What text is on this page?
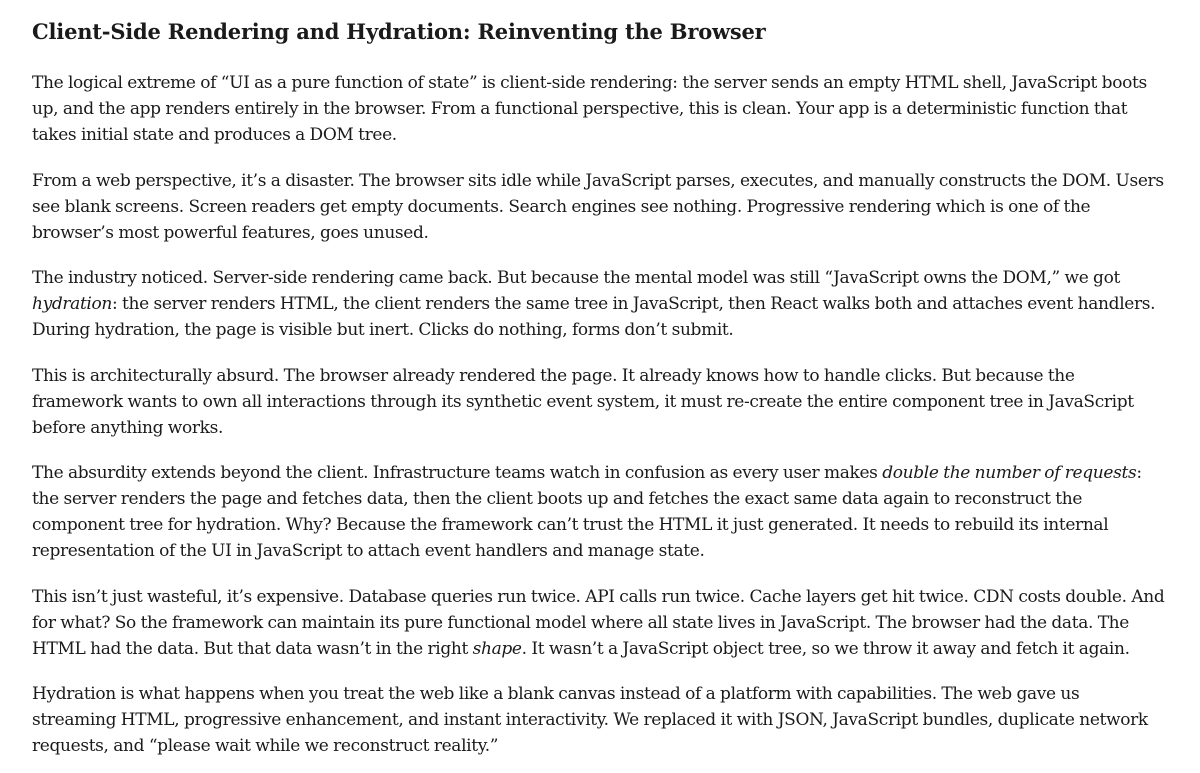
Client-Side Rendering and Hydration: Reinventing the Browser

The logical extreme of “UI as a pure function of state” is client-side rendering: the server sends an empty HTML shell, JavaScript boots up, and the app renders entirely in the browser. From a functional perspective, this is clean. Your app is a deterministic function that takes initial state and produces a DOM tree.

From a web perspective, it’s a disaster. The browser sits idle while JavaScript parses, executes, and manually constructs the DOM. Users see blank screens. Screen readers get empty documents. Search engines see nothing. Progressive rendering which is one of the browser’s most powerful features, goes unused.

The industry noticed. Server-side rendering came back. But because the mental model was still “JavaScript owns the DOM,” we got hydration: the server renders HTML, the client renders the same tree in JavaScript, then React walks both and attaches event handlers. During hydration, the page is visible but inert. Clicks do nothing, forms don’t submit.

This is architecturally absurd. The browser already rendered the page. It already knows how to handle clicks. But because the framework wants to own all interactions through its synthetic event system, it must re-create the entire component tree in JavaScript before anything works.

The absurdity extends beyond the client. Infrastructure teams watch in confusion as every user makes double the number of requests: the server renders the page and fetches data, then the client boots up and fetches the exact same data again to reconstruct the component tree for hydration. Why? Because the framework can’t trust the HTML it just generated. It needs to rebuild its internal representation of the UI in JavaScript to attach event handlers and manage state.

This isn’t just wasteful, it’s expensive. Database queries run twice. API calls run twice. Cache layers get hit twice. CDN costs double. And for what? So the framework can maintain its pure functional model where all state lives in JavaScript. The browser had the data. The HTML had the data. But that data wasn’t in the right shape. It wasn’t a JavaScript object tree, so we throw it away and fetch it again.

Hydration is what happens when you treat the web like a blank canvas instead of a platform with capabilities. The web gave us streaming HTML, progressive enhancement, and instant interactivity. We replaced it with JSON, JavaScript bundles, duplicate network requests, and “please wait while we reconstruct reality.”
